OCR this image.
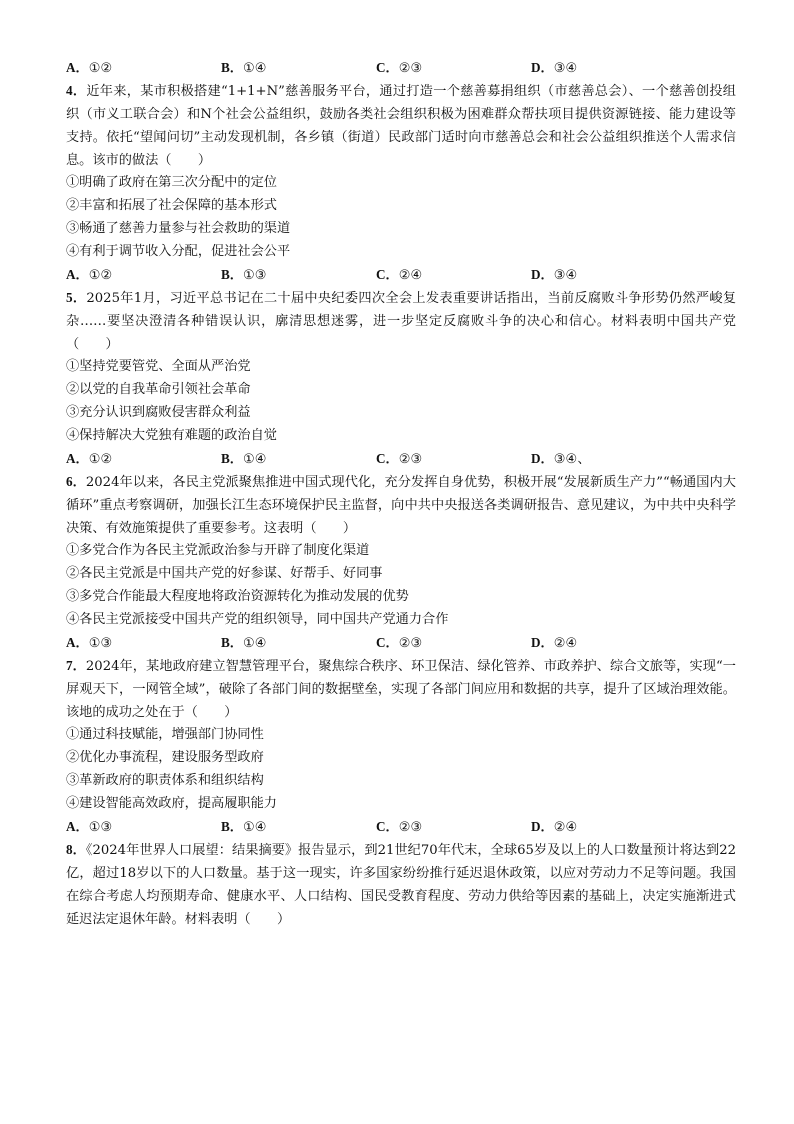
A．①②	B．①④	C．②③	D．③④
4．近年来，某市积极搭建“1+1+N”慈善服务平台，通过打造一个慈善募捐组织（市慈善总会）、一个慈善创投组织（市义工联合会）和N个社会公益组织，鼓励各类社会组织积极为困难群众帮扶项目提供资源链接、能力建设等支持。依托“望闻问切”主动发现机制，各乡镇（街道）民政部门适时向市慈善总会和社会公益组织推送个人需求信息。该市的做法（　　）
①明确了政府在第三次分配中的定位
②丰富和拓展了社会保障的基本形式
③畅通了慈善力量参与社会救助的渠道
④有利于调节收入分配，促进社会公平
A．①②	B．①③	C．②④	D．③④
5．2025年1月，习近平总书记在二十届中央纪委四次全会上发表重要讲话指出，当前反腐败斗争形势仍然严峻复杂……要坚决澄清各种错误认识，廓清思想迷雾，进一步坚定反腐败斗争的决心和信心。材料表明中国共产党（　　）
①坚持党要管党、全面从严治党
②以党的自我革命引领社会革命
③充分认识到腐败侵害群众利益
④保持解决大党独有难题的政治自觉
A．①②	B．①④	C．②③	D．③④、
6．2024年以来，各民主党派聚焦推进中国式现代化，充分发挥自身优势，积极开展“发展新质生产力”“畅通国内大循环”重点考察调研，加强长江生态环境保护民主监督，向中共中央报送各类调研报告、意见建议，为中共中央科学决策、有效施策提供了重要参考。这表明（　　）
①多党合作为各民主党派政治参与开辟了制度化渠道
②各民主党派是中国共产党的好参谋、好帮手、好同事
③多党合作能最大程度地将政治资源转化为推动发展的优势
④各民主党派接受中国共产党的组织领导，同中国共产党通力合作
A．①③	B．①④	C．②③	D．②④
7．2024年，某地政府建立智慧管理平台，聚焦综合秩序、环卫保洁、绿化管养、市政养护、综合文旅等，实现“一屏观天下，一网管全域”，破除了各部门间的数据壁垒，实现了各部门间应用和数据的共享，提升了区域治理效能。该地的成功之处在于（　　）
①通过科技赋能，增强部门协同性
②优化办事流程，建设服务型政府
③革新政府的职责体系和组织结构
④建设智能高效政府，提高履职能力
A．①③	B．①④	C．②③	D．②④
8．《2024年世界人口展望：结果摘要》报告显示，到21世纪70年代末，全球65岁及以上的人口数量预计将达到22亿，超过18岁以下的人口数量。基于这一现实，许多国家纷纷推行延迟退休政策，以应对劳动力不足等问题。我国在综合考虑人均预期寿命、健康水平、人口结构、国民受教育程度、劳动力供给等因素的基础上，决定实施渐进式延迟法定退休年龄。材料表明（　　）
